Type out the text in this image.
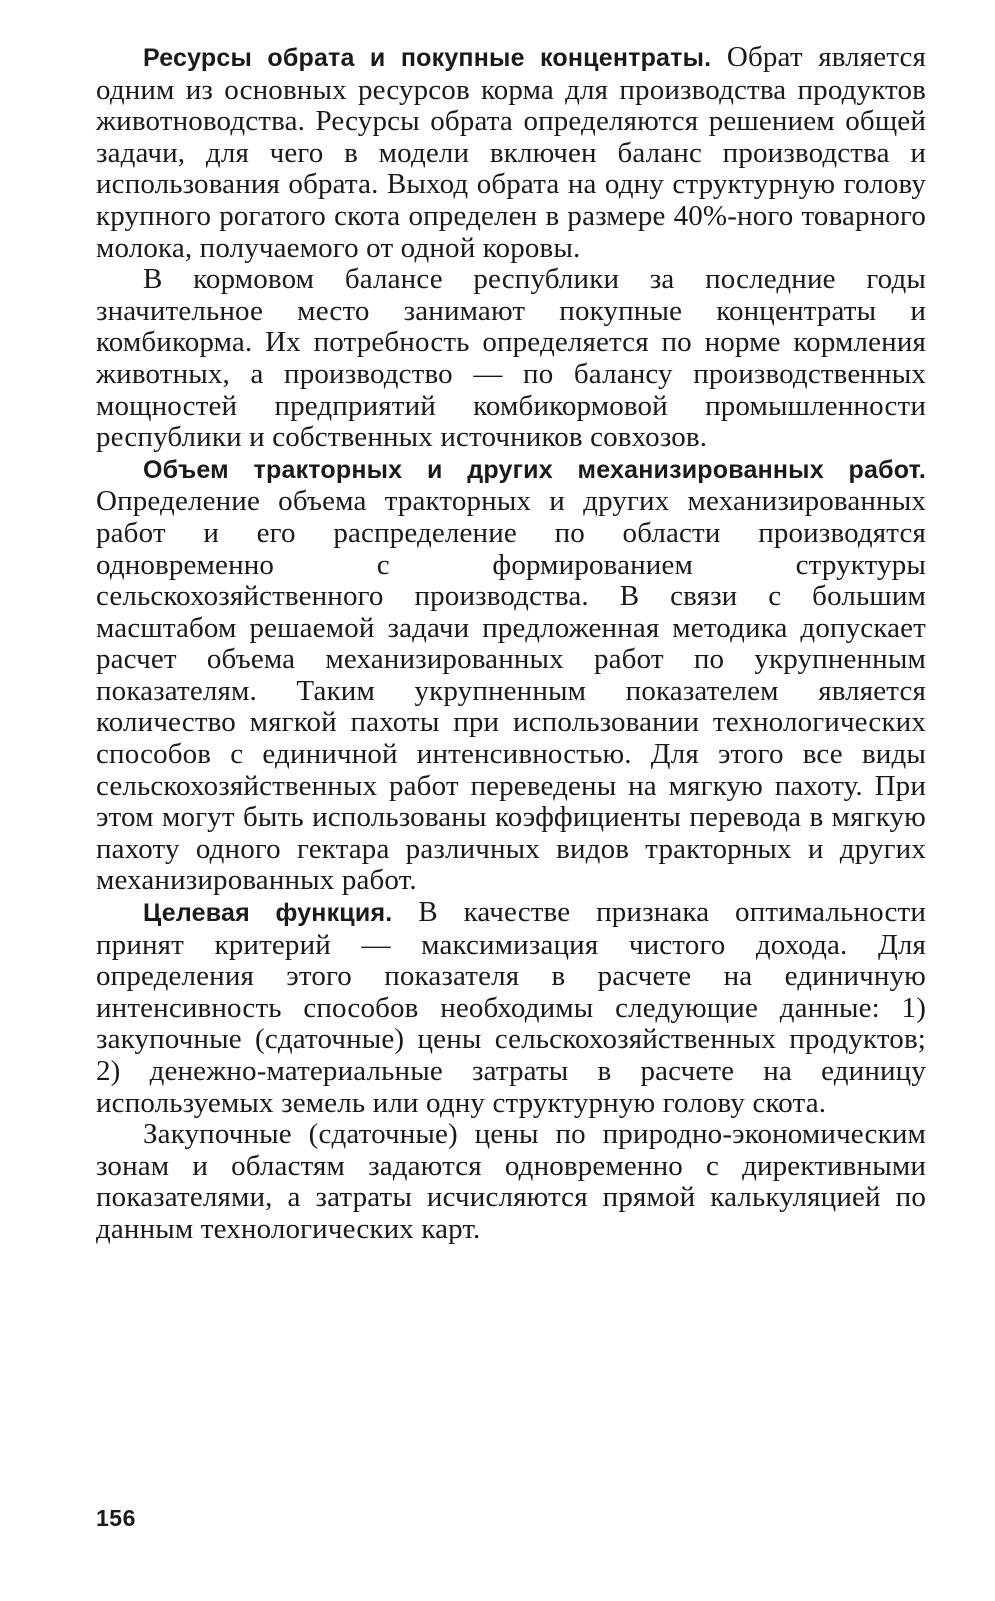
Ресурсы обрата и покупные концентраты. Обрат является одним из основных ресурсов корма для производства продуктов животноводства. Ресурсы обрата определяются решением общей задачи, для чего в модели включен баланс производства и использования обрата. Выход обрата на одну структурную голову крупного рогатого скота определен в размере 40%-ного товарного молока, получаемого от одной коровы.

В кормовом балансе республики за последние годы значительное место занимают покупные концентраты и комбикорма. Их потребность определяется по норме кормления животных, а производство — по балансу производственных мощностей предприятий комбикормовой промышленности республики и собственных источников совхозов.

Объем тракторных и других механизированных работ. Определение объема тракторных и других механизированных работ и его распределение по области производятся одновременно с формированием структуры сельскохозяйственного производства. В связи с большим масштабом решаемой задачи предложенная методика допускает расчет объема механизированных работ по укрупненным показателям. Таким укрупненным показателем является количество мягкой пахоты при использовании технологических способов с единичной интенсивностью. Для этого все виды сельскохозяйственных работ переведены на мягкую пахоту. При этом могут быть использованы коэффициенты перевода в мягкую пахоту одного гектара различных видов тракторных и других механизированных работ.

Целевая функция. В качестве признака оптимальности принят критерий — максимизация чистого дохода. Для определения этого показателя в расчете на единичную интенсивность способов необходимы следующие данные: 1) закупочные (сдаточные) цены сельскохозяйственных продуктов; 2) денежно-материальные затраты в расчете на единицу используемых земель или одну структурную голову скота.

Закупочные (сдаточные) цены по природно-экономическим зонам и областям задаются одновременно с директивными показателями, а затраты исчисляются прямой калькуляцией по данным технологических карт.

156
